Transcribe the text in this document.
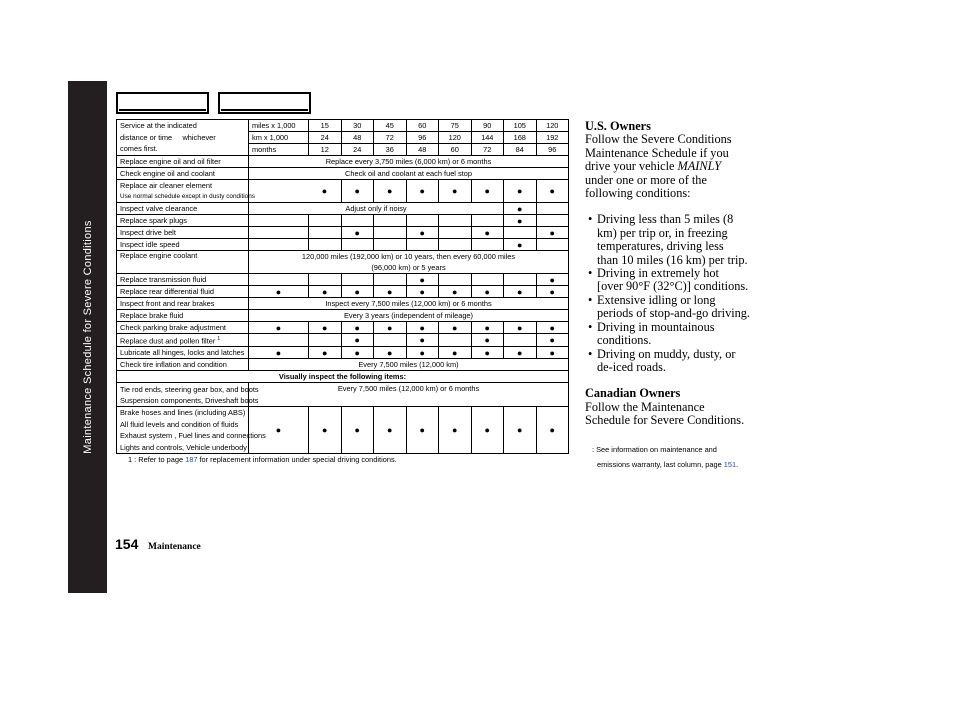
Maintenance Schedule for Severe Conditions
Service at the indicated	miles x 1,000	15	30	45	60	75	90	105	120
distance or time whichever	km x 1,000	24	48	72	96	120	144	168	192
comes first.	months	12	24	36	48	60	72	84	96
Replace engine oil and oil filter	Replace every 3,750 miles (6,000 km) or 6 months								
Check engine oil and coolant	Check oil and coolant at each fuel stop								

Replace air cleaner element
Use normal schedule except in dusty conditions		●	●	●	●	●	●	●	●
Inspect valve clearance	Adjust only if noisy							●	
Replace spark plugs								●	
Inspect drive belt			●		●		●		●
Inspect idle speed								●	
Replace engine coolant	120,000 miles (192,000 km) or 10 years, then every 60,000 miles
(96,000 km) or 5 years								

Replace transmission fluid					●				●
Replace rear differential fluid	●	●	●	●	●	●	●	●	●
Inspect front and rear brakes	Inspect every 7,500 miles (12,000 km) or 6 months								
Replace brake fluid	Every 3 years (independent of mileage)								
Check parking brake adjustment	●	●	●	●	●	●	●	●	●
Replace dust and pollen filter $^1$			●		●		●		●
Lubricate all hinges, locks and latches	●	●	●	●	●	●	●	●	●
Check tire inflation and condition	Every 7,500 miles (12,000 km)								
Visually inspect the following items:									

Tie rod ends, steering gear box, and boots
Suspension components, Driveshaft boots	Every 7,500 miles (12,000 km) or 6 months								

Brake hoses and lines (including ABS)
All fluid levels and condition of fluids
Exhaust system , Fuel lines and connections
Lights and controls, Vehicle underbody	●	●	●	●	●	●	●	●	●
1 : Refer to page 187 for replacement information under special driving conditions.
U.S. Owners

Follow the Severe Conditions
Maintenance Schedule if you
drive your vehicle MAINLY
under one or more of the
following conditions:

• Driving less than 5 miles (8
km) per trip or, in freezing
temperatures, driving less
than 10 miles (16 km) per trip.
• Driving in extremely hot
[over 90°F (32°C)] conditions.
• Extensive idling or long
periods of stop-and-go driving.
• Driving in mountainous
conditions.
• Driving on muddy, dusty, or
de-iced roads.
Canadian Owners

Follow the Maintenance
Schedule for Severe Conditions.

: See information on maintenance and
emissions warranty, last column, page 151.
154 Maintenance
